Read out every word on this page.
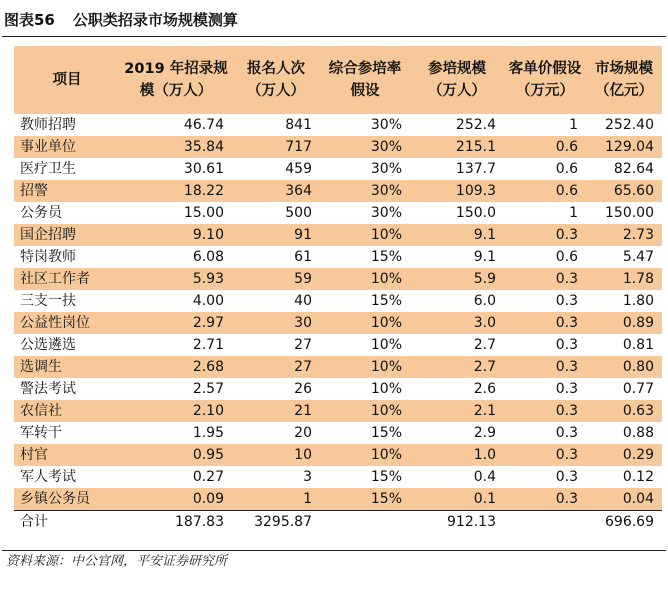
图表56 公职类招录市场规模测算
项目	2019 年招录规模（万人）	报名人次（万人）	综合参培率假设	参培规模（万人）	客单价假设（万元）	市场规模（亿元）
教师招聘	46.74	841	30%	252.4	1	252.40
事业单位	35.84	717	30%	215.1	0.6	129.04
医疗卫生	30.61	459	30%	137.7	0.6	82.64
招警	18.22	364	30%	109.3	0.6	65.60
公务员	15.00	500	30%	150.0	1	150.00
国企招聘	9.10	91	10%	9.1	0.3	2.73
特岗教师	6.08	61	15%	9.1	0.6	5.47
社区工作者	5.93	59	10%	5.9	0.3	1.78
三支一扶	4.00	40	15%	6.0	0.3	1.80
公益性岗位	2.97	30	10%	3.0	0.3	0.89
公选遴选	2.71	27	10%	2.7	0.3	0.81
选调生	2.68	27	10%	2.7	0.3	0.80
警法考试	2.57	26	10%	2.6	0.3	0.77
农信社	2.10	21	10%	2.1	0.3	0.63
军转干	1.95	20	15%	2.9	0.3	0.88
村官	0.95	10	10%	1.0	0.3	0.29
军人考试	0.27	3	15%	0.4	0.3	0.12
乡镇公务员	0.09	1	15%	0.1	0.3	0.04
合计	187.83	3295.87		912.13		696.69
资料来源：中公官网，平安证券研究所
